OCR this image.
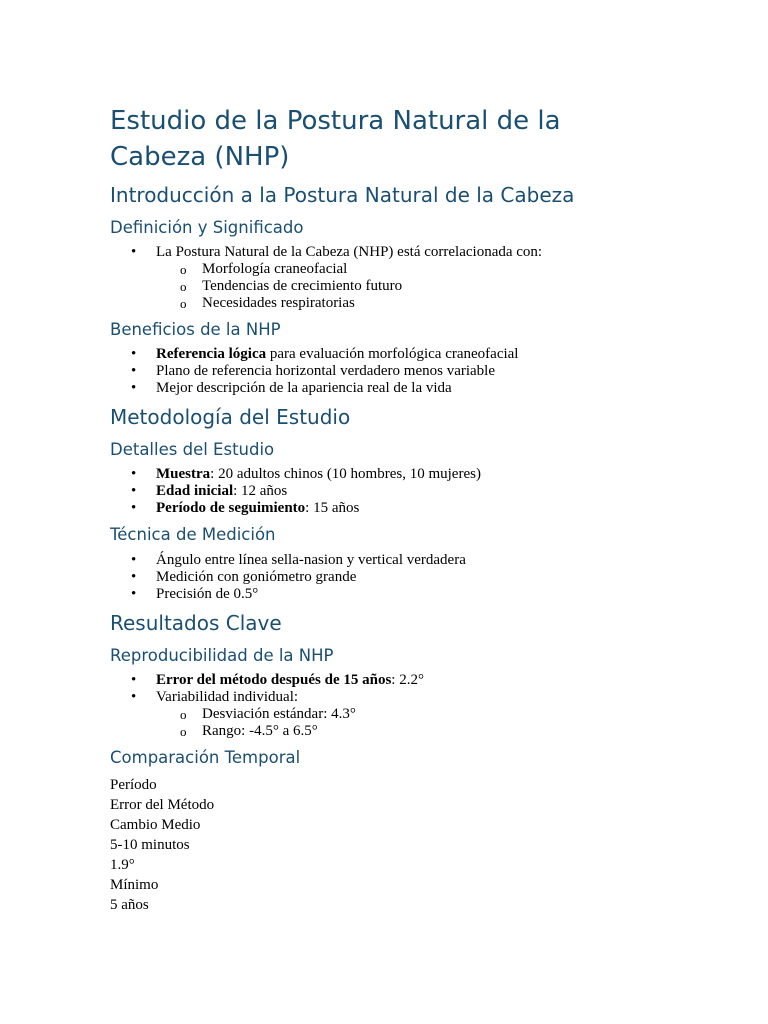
Estudio de la Postura Natural de la
Cabeza (NHP)
Introducción a la Postura Natural de la Cabeza
Definición y Significado
• La Postura Natural de la Cabeza (NHP) está correlacionada con:
o Morfología craneofacial
o Tendencias de crecimiento futuro
o Necesidades respiratorias
Beneficios de la NHP
• Referencia lógica para evaluación morfológica craneofacial
• Plano de referencia horizontal verdadero menos variable
• Mejor descripción de la apariencia real de la vida
Metodología del Estudio
Detalles del Estudio
• Muestra: 20 adultos chinos (10 hombres, 10 mujeres)
• Edad inicial: 12 años
• Período de seguimiento: 15 años
Técnica de Medición
• Ángulo entre línea sella-nasion y vertical verdadera
• Medición con goniómetro grande
• Precisión de 0.5°
Resultados Clave
Reproducibilidad de la NHP
• Error del método después de 15 años: 2.2°
• Variabilidad individual:
o Desviación estándar: 4.3°
o Rango: -4.5° a 6.5°
Comparación Temporal
Período
Error del Método
Cambio Medio
5-10 minutos
1.9°
Mínimo
5 años
